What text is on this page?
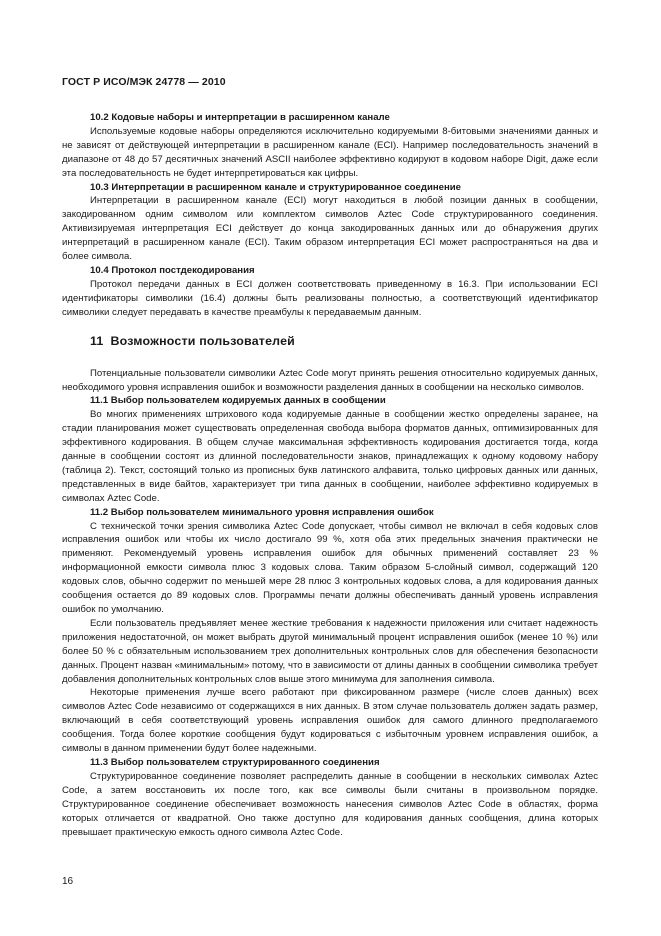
ГОСТ Р ИСО/МЭК 24778 — 2010

10.2 Кодовые наборы и интерпретации в расширенном канале

Используемые кодовые наборы определяются исключительно кодируемыми 8-битовыми значениями данных и не зависят от действующей интерпретации в расширенном канале (ECI). Например последовательность значений в диапазоне от 48 до 57 десятичных значений ASCII наиболее эффективно кодируют в кодовом наборе Digit, даже если эта последовательность не будет интерпретироваться как цифры.

10.3 Интерпретации в расширенном канале и структурированное соединение

Интерпретации в расширенном канале (ECI) могут находиться в любой позиции данных в сообщении, закодированном одним символом или комплектом символов Aztec Code структурированного соединения. Активизируемая интерпретация ECI действует до конца закодированных данных или до обнаружения других интерпретаций в расширенном канале (ECI). Таким образом интерпретация ECI может распространяться на два и более символа.

10.4 Протокол постдекодирования

Протокол передачи данных в ECI должен соответствовать приведенному в 16.3. При использовании ECI идентификаторы символики (16.4) должны быть реализованы полностью, а соответствующий идентификатор символики следует передавать в качестве преамбулы к передаваемым данным.

11 Возможности пользователей

Потенциальные пользователи символики Aztec Code могут принять решения относительно кодируемых данных, необходимого уровня исправления ошибок и возможности разделения данных в сообщении на несколько символов.

11.1 Выбор пользователем кодируемых данных в сообщении

Во многих применениях штрихового кода кодируемые данные в сообщении жестко определены заранее, на стадии планирования может существовать определенная свобода выбора форматов данных, оптимизированных для эффективного кодирования. В общем случае максимальная эффективность кодирования достигается тогда, когда данные в сообщении состоят из длинной последовательности знаков, принадлежащих к одному кодовому набору (таблица 2). Текст, состоящий только из прописных букв латинского алфавита, только цифровых данных или данных, представленных в виде байтов, характеризует три типа данных в сообщении, наиболее эффективно кодируемых в символах Aztec Code.

11.2 Выбор пользователем минимального уровня исправления ошибок

С технической точки зрения символика Aztec Code допускает, чтобы символ не включал в себя кодовых слов исправления ошибок или чтобы их число достигало 99 %, хотя оба этих предельных значения практически не применяют. Рекомендуемый уровень исправления ошибок для обычных применений составляет 23 % информационной емкости символа плюс 3 кодовых слова. Таким образом 5-слойный символ, содержащий 120 кодовых слов, обычно содержит по меньшей мере 28 плюс 3 контрольных кодовых слова, а для кодирования данных сообщения остается до 89 кодовых слов. Программы печати должны обеспечивать данный уровень исправления ошибок по умолчанию.

Если пользователь предъявляет менее жесткие требования к надежности приложения или считает надежность приложения недостаточной, он может выбрать другой минимальный процент исправления ошибок (менее 10 %) или более 50 % с обязательным использованием трех дополнительных контрольных слов для обеспечения безопасности данных. Процент назван «минимальным» потому, что в зависимости от длины данных в сообщении символика требует добавления дополнительных контрольных слов выше этого минимума для заполнения символа.

Некоторые применения лучше всего работают при фиксированном размере (числе слоев данных) всех символов Aztec Code независимо от содержащихся в них данных. В этом случае пользователь должен задать размер, включающий в себя соответствующий уровень исправления ошибок для самого длинного предполагаемого сообщения. Тогда более короткие сообщения будут кодироваться с избыточным уровнем исправления ошибок, а символы в данном применении будут более надежными.

11.3 Выбор пользователем структурированного соединения

Структурированное соединение позволяет распределить данные в сообщении в нескольких символах Aztec Code, а затем восстановить их после того, как все символы были считаны в произвольном порядке. Структурированное соединение обеспечивает возможность нанесения символов Aztec Code в областях, форма которых отличается от квадратной. Оно также доступно для кодирования данных сообщения, длина которых превышает практическую емкость одного символа Aztec Code.

16
